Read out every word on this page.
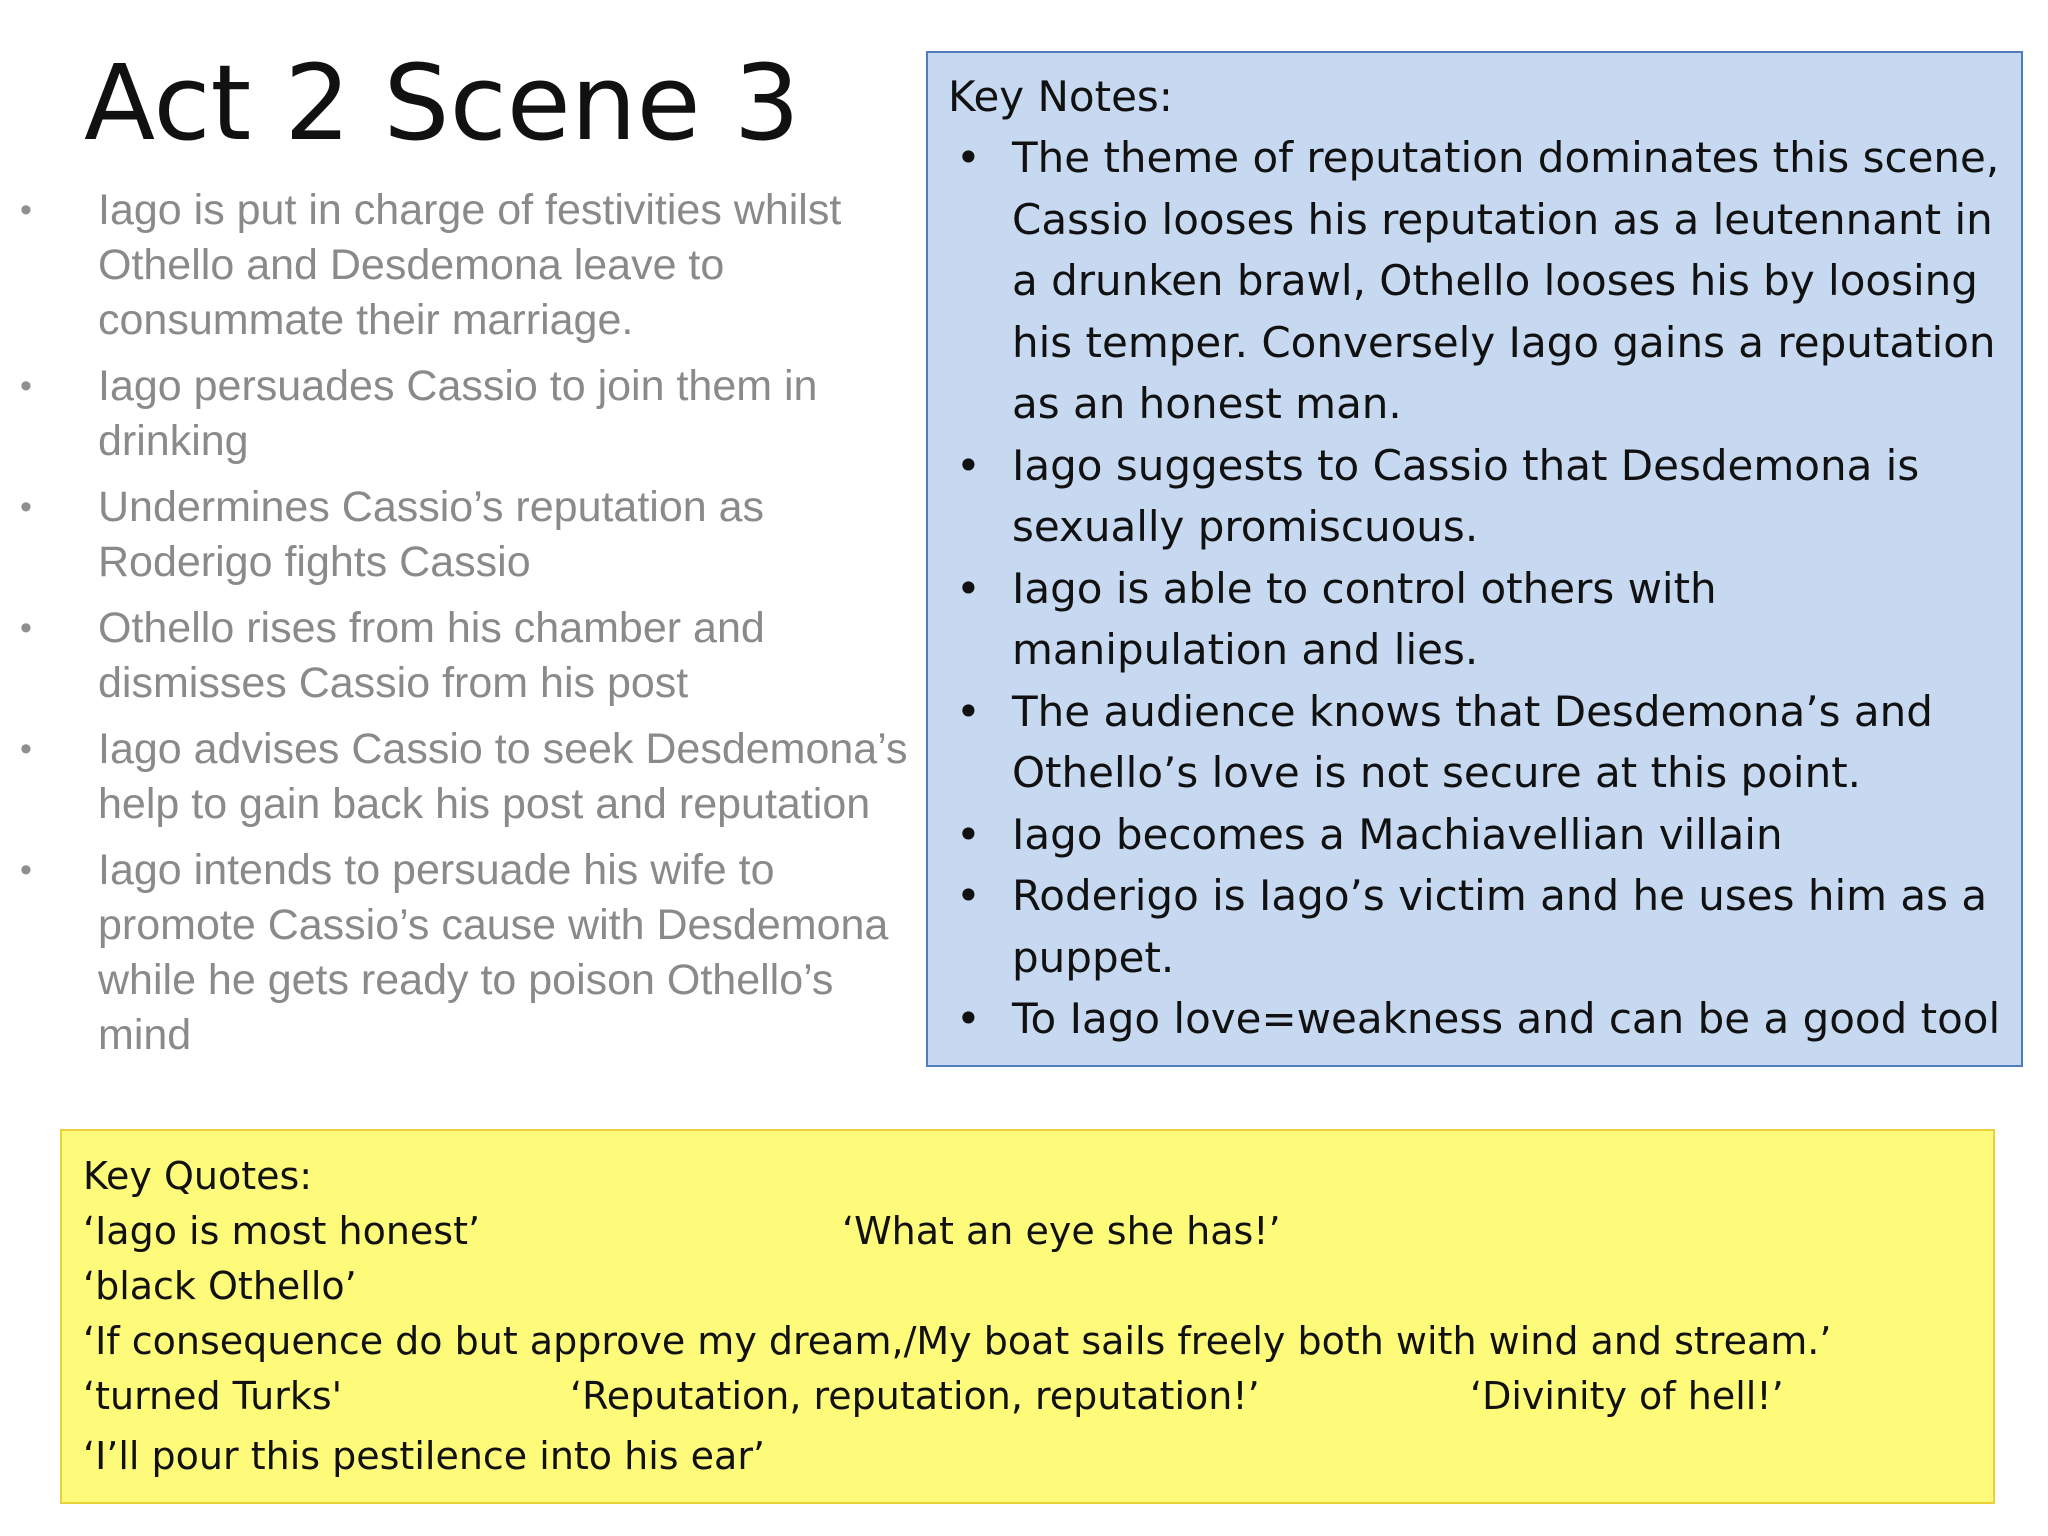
Act 2 Scene 3
• Iago is put in charge of festivities whilst Othello and Desdemona leave to consummate their marriage.
• Iago persuades Cassio to join them in drinking
• Undermines Cassio’s reputation as Roderigo fights Cassio
• Othello rises from his chamber and dismisses Cassio from his post
• Iago advises Cassio to seek Desdemona’s help to gain back his post and reputation
• Iago intends to persuade his wife to promote Cassio’s cause with Desdemona while he gets ready to poison Othello’s mind

Key Notes:

• The theme of reputation dominates this scene, Cassio looses his reputation as a leutennant in a drunken brawl, Othello looses his by loosing his temper. Conversely Iago gains a reputation as an honest man.
• Iago suggests to Cassio that Desdemona is sexually promiscuous.
• Iago is able to control others with manipulation and lies.
• The audience knows that Desdemona’s and Othello’s love is not secure at this point.
• Iago becomes a Machiavellian villain
• Roderigo is Iago’s victim and he uses him as a puppet.
• To Iago love=weakness and can be a good tool
Key Quotes:
‘Iago is most honest’	‘What an eye she has!’
‘black Othello’
‘If consequence do but approve my dream,/My boat sails freely both with wind and stream.’
‘turned Turks'	‘Reputation, reputation, reputation!’	‘Divinity of hell!’
‘I’ll pour this pestilence into his ear’
